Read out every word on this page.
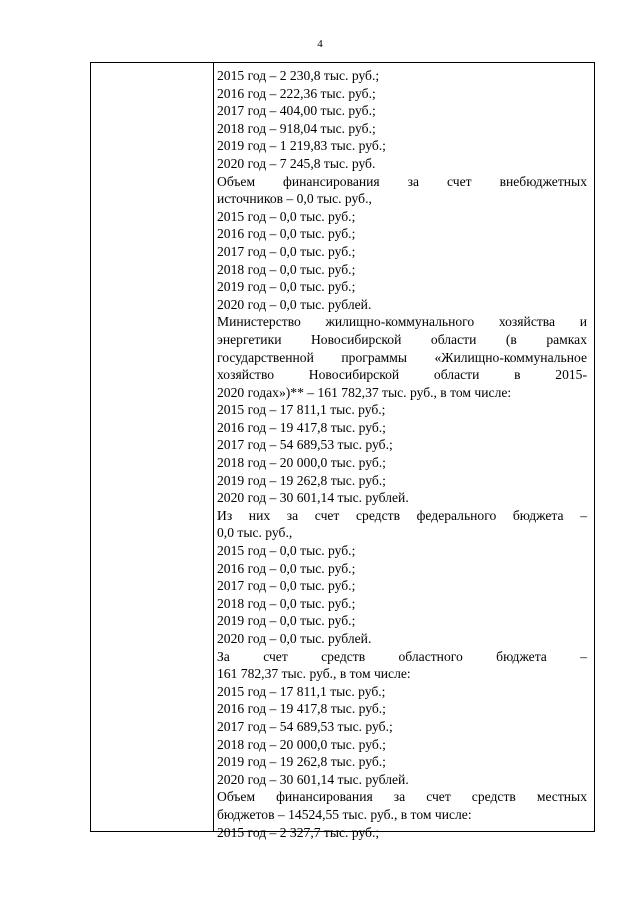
4
2015 год – 2 230,8 тыс. руб.;
2016 год – 222,36 тыс. руб.;
2017 год – 404,00 тыс. руб.;
2018 год – 918,04 тыс. руб.;
2019 год – 1 219,83 тыс. руб.;
2020 год – 7 245,8 тыс. руб.
Объем финансирования за счет внебюджетных
источников – 0,0 тыс. руб.,
2015 год – 0,0 тыс. руб.;
2016 год – 0,0 тыс. руб.;
2017 год – 0,0 тыс. руб.;
2018 год – 0,0 тыс. руб.;
2019 год – 0,0 тыс. руб.;
2020 год – 0,0 тыс. рублей.
Министерство жилищно-коммунального хозяйства и
энергетики Новосибирской области (в рамках
государственной программы «Жилищно-коммунальное
хозяйство Новосибирской области в 2015-
2020 годах»)** – 161 782,37 тыс. руб., в том числе:
2015 год – 17 811,1 тыс. руб.;
2016 год – 19 417,8 тыс. руб.;
2017 год – 54 689,53 тыс. руб.;
2018 год – 20 000,0 тыс. руб.;
2019 год – 19 262,8 тыс. руб.;
2020 год – 30 601,14 тыс. рублей.
Из них за счет средств федерального бюджета –
0,0 тыс. руб.,
2015 год – 0,0 тыс. руб.;
2016 год – 0,0 тыс. руб.;
2017 год – 0,0 тыс. руб.;
2018 год – 0,0 тыс. руб.;
2019 год – 0,0 тыс. руб.;
2020 год – 0,0 тыс. рублей.
За счет средств областного бюджета –
161 782,37 тыс. руб., в том числе:
2015 год – 17 811,1 тыс. руб.;
2016 год – 19 417,8 тыс. руб.;
2017 год – 54 689,53 тыс. руб.;
2018 год – 20 000,0 тыс. руб.;
2019 год – 19 262,8 тыс. руб.;
2020 год – 30 601,14 тыс. рублей.
Объем финансирования за счет средств местных
бюджетов – 14524,55 тыс. руб., в том числе:
2015 год – 2 327,7 тыс. руб.;
